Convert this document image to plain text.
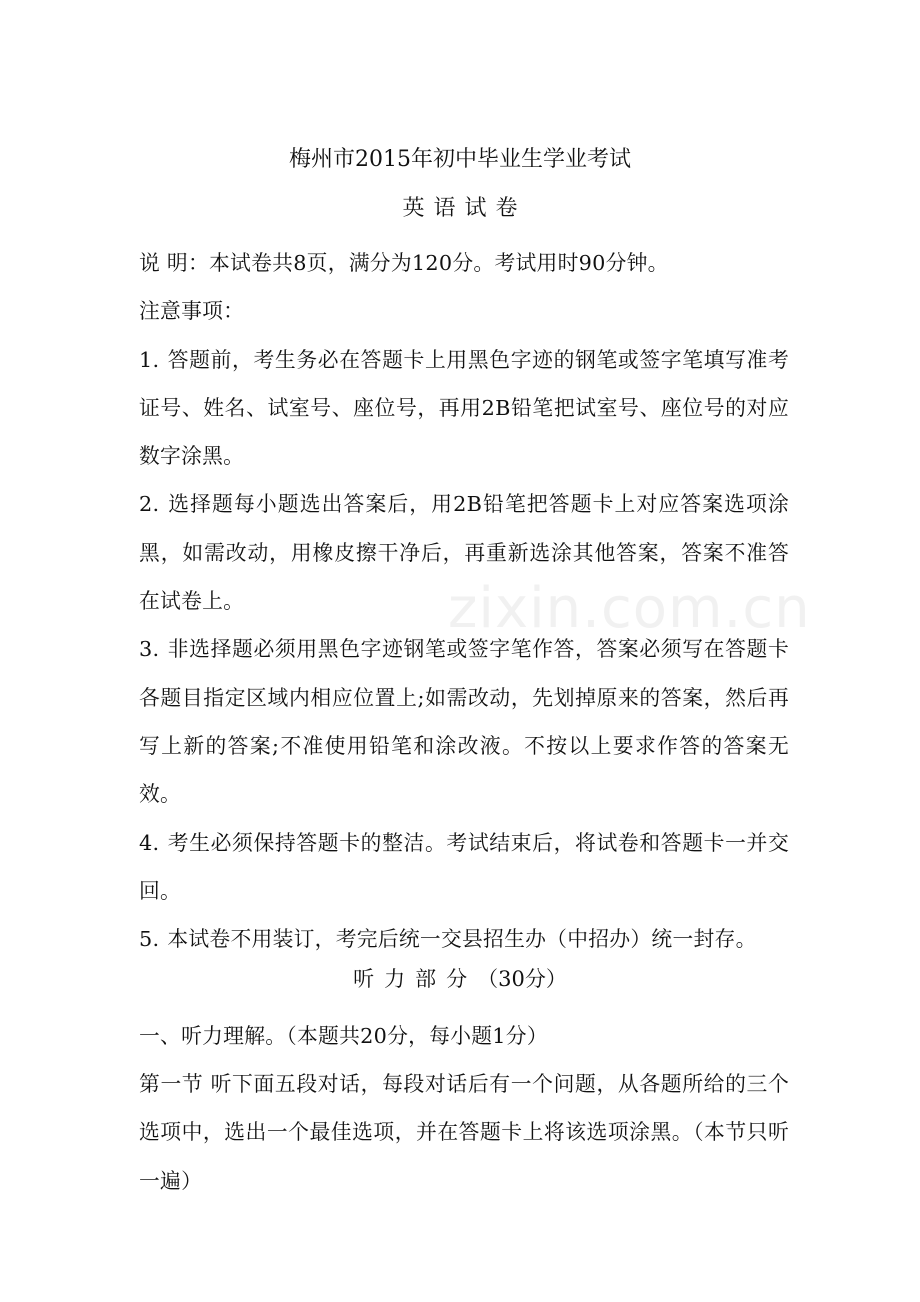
zixin.com.cn
梅州市2015年初中毕业生学业考试
英语试卷

说 明：本试卷共8页，满分为120分。考试用时90分钟。

注意事项：

1. 答题前，考生务必在答题卡上用黑色字迹的钢笔或签字笔填写准考证号、姓名、试室号、座位号，再用2B铅笔把试室号、座位号的对应数字涂黑。

2. 选择题每小题选出答案后，用2B铅笔把答题卡上对应答案选项涂黑，如需改动，用橡皮擦干净后，再重新选涂其他答案，答案不准答在试卷上。

3. 非选择题必须用黑色字迹钢笔或签字笔作答，答案必须写在答题卡各题目指定区域内相应位置上;如需改动，先划掉原来的答案，然后再写上新的答案;不准使用铅笔和涂改液。不按以上要求作答的答案无效。

4. 考生必须保持答题卡的整洁。考试结束后，将试卷和答题卡一并交回。

5. 本试卷不用装订，考完后统一交县招生办（中招办）统一封存。

一、听力理解。（本题共20分，每小题1分）

第一节 听下面五段对话，每段对话后有一个问题，从各题所给的三个选项中，选出一个最佳选项，并在答题卡上将该选项涂黑。（本节只听一遍）

听力部分（30分）
